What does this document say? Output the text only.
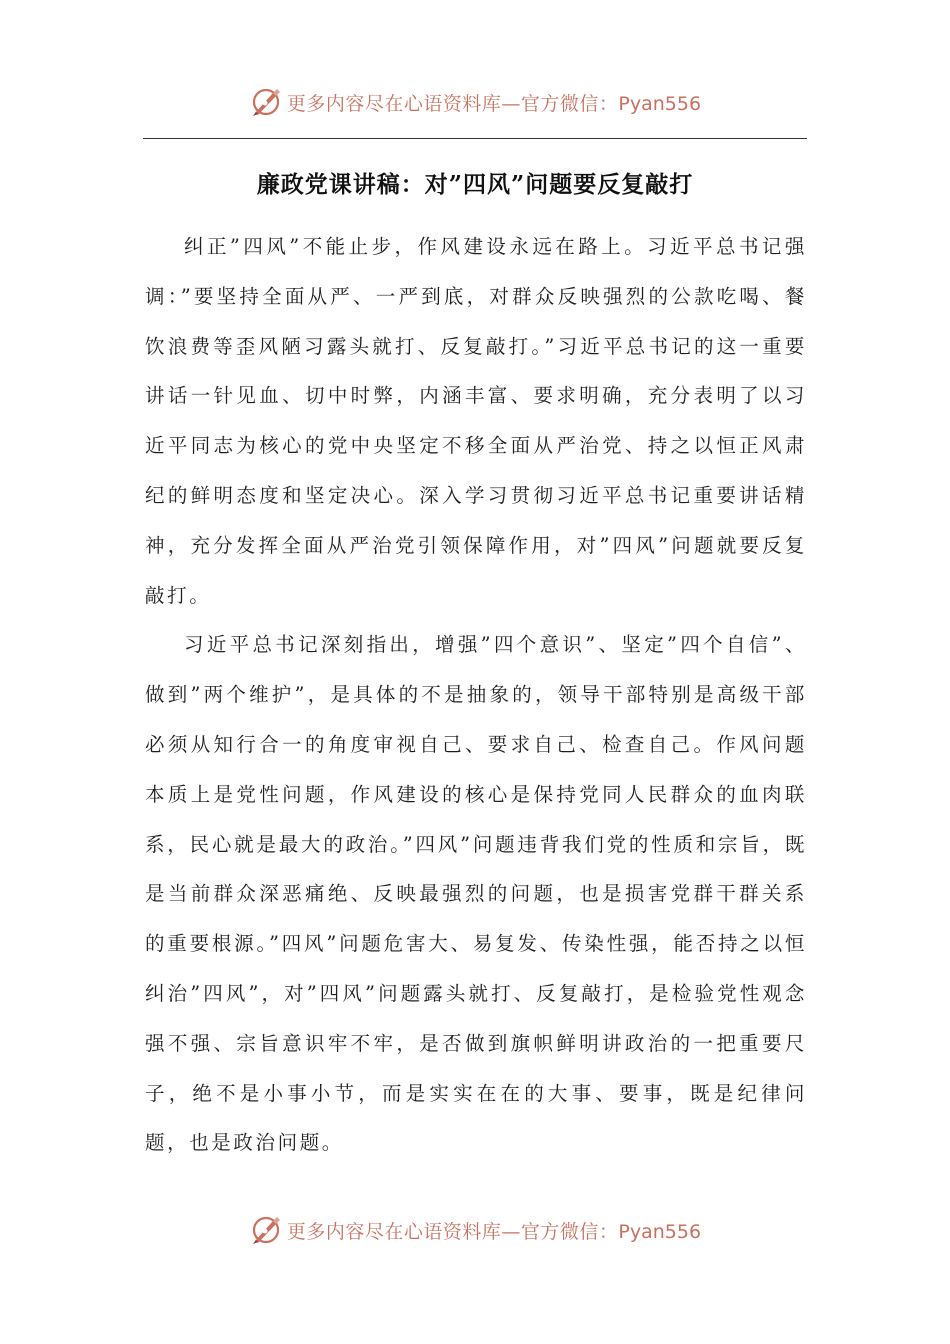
更多内容尽在心语资料库—官方微信：Pyan556
廉政党课讲稿：对”四风”问题要反复敲打

纠正”四风”不能止步，作风建设永远在路上。习近平总书记强调：”要坚持全面从严、一严到底，对群众反映强烈的公款吃喝、餐饮浪费等歪风陋习露头就打、反复敲打。”习近平总书记的这一重要讲话一针见血、切中时弊，内涵丰富、要求明确，充分表明了以习近平同志为核心的党中央坚定不移全面从严治党、持之以恒正风肃纪的鲜明态度和坚定决心。深入学习贯彻习近平总书记重要讲话精神，充分发挥全面从严治党引领保障作用，对”四风”问题就要反复敲打。

习近平总书记深刻指出，增强”四个意识”、坚定”四个自信”、做到”两个维护”，是具体的不是抽象的，领导干部特别是高级干部必须从知行合一的角度审视自己、要求自己、检查自己。作风问题本质上是党性问题，作风建设的核心是保持党同人民群众的血肉联系，民心就是最大的政治。”四风”问题违背我们党的性质和宗旨，既是当前群众深恶痛绝、反映最强烈的问题，也是损害党群干群关系的重要根源。”四风”问题危害大、易复发、传染性强，能否持之以恒纠治”四风”，对”四风”问题露头就打、反复敲打，是检验党性观念强不强、宗旨意识牢不牢，是否做到旗帜鲜明讲政治的一把重要尺子，绝不是小事小节，而是实实在在的大事、要事，既是纪律问题，也是政治问题。

更多内容尽在心语资料库—官方微信：Pyan556
